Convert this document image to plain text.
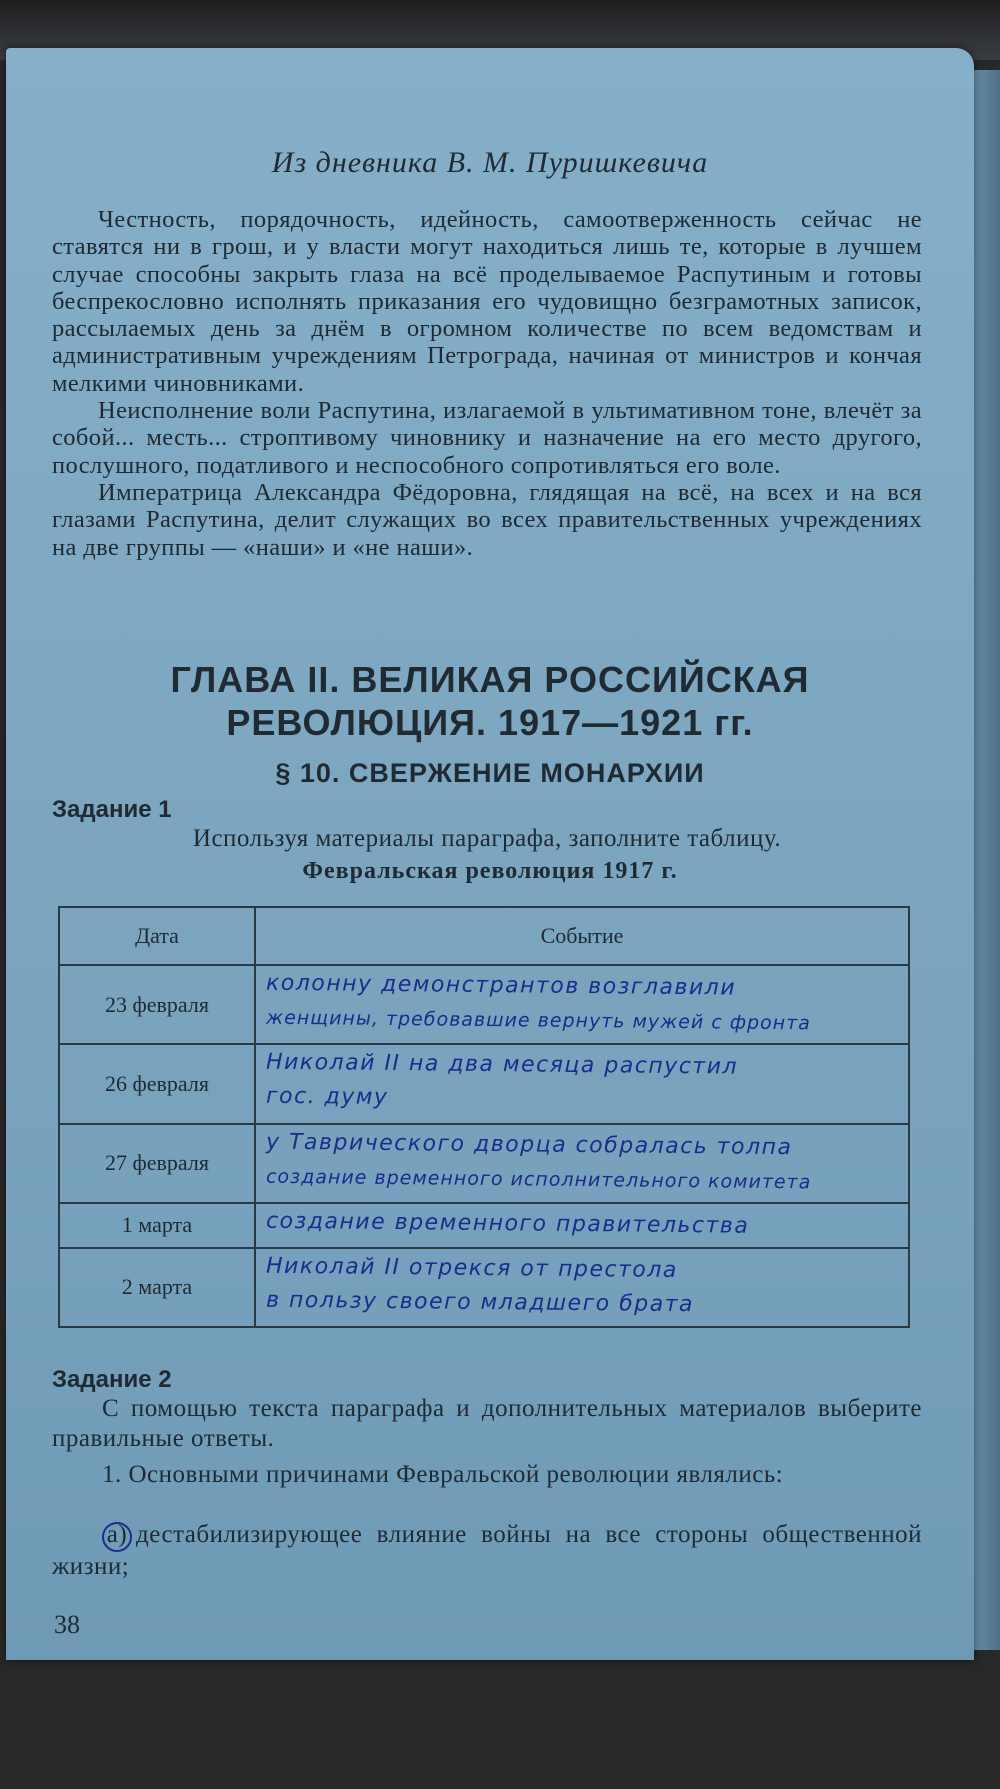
Из дневника В. М. Пуришкевича

Честность, порядочность, идейность, самоотверженность сейчас не ставятся ни в грош, и у власти могут находиться лишь те, которые в лучшем случае способны закрыть глаза на всё проделываемое Распутиным и готовы беспрекословно исполнять приказания его чудовищно безграмотных записок, рассылаемых день за днём в огромном количестве по всем ведомствам и административным учреждениям Петрограда, начиная от министров и кончая мелкими чиновниками.

Неисполнение воли Распутина, излагаемой в ультимативном тоне, влечёт за собой... месть... строптивому чиновнику и назначение на его место другого, послушного, податливого и неспособного сопротивляться его воле.

Императрица Александра Фёдоровна, глядящая на всё, на всех и на вся глазами Распутина, делит служащих во всех правительственных учреждениях на две группы — «наши» и «не наши».

ГЛАВА II. ВЕЛИКАЯ РОССИЙСКАЯ
РЕВОЛЮЦИЯ. 1917—1921 гг.
§ 10. СВЕРЖЕНИЕ МОНАРХИИ
Задание 1
Используя материалы параграфа, заполните таблицу.
Февральская революция 1917 г.
Дата	Событие
23 февраля	колонну демонстрантов возглавили
женщины, требовавшие вернуть мужей с фронта

26 февраля	Николай II на два месяца распустил
гос. думу

27 февраля	у Таврического дворца собралась толпа
создание временного исполнительного комитета

1 марта	создание временного правительства

2 марта	Николай II отрекся от престола
в пользу своего младшего брата
Задание 2
С помощью текста параграфа и дополнительных материалов выберите правильные ответы.
1. Основными причинами Февральской революции являлись:
а) дестабилизирующее влияние войны на все стороны общественной жизни;
38
